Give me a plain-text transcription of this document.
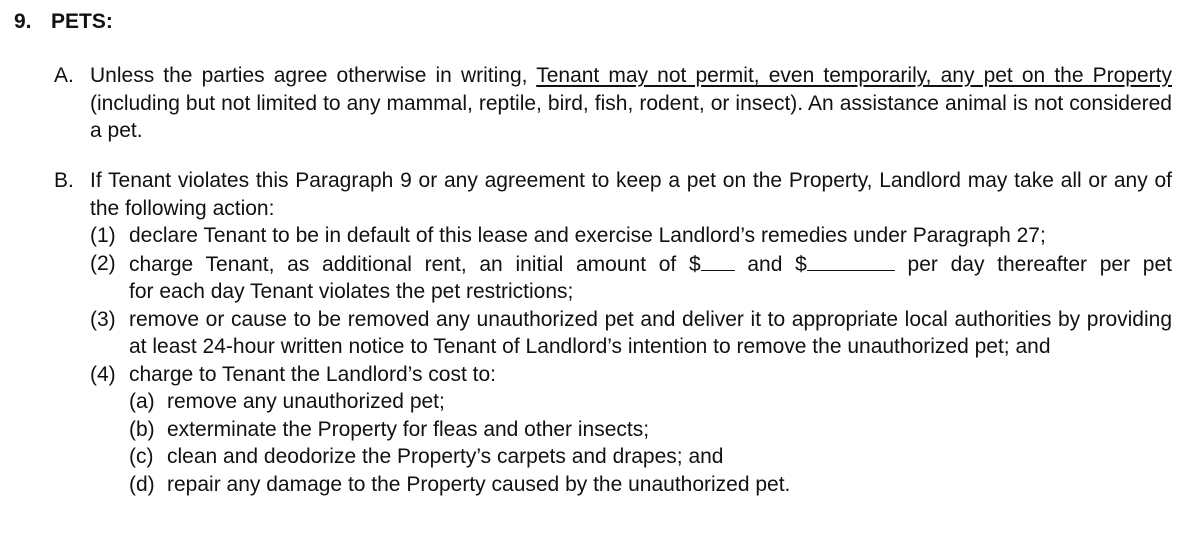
9. PETS:
A. Unless the parties agree otherwise in writing, Tenant may not permit, even temporarily, any pet on the Property (including but not limited to any mammal, reptile, bird, fish, rodent, or insect). An assistance animal is not considered a pet.
B. If Tenant violates this Paragraph 9 or any agreement to keep a pet on the Property, Landlord may take all or any of the following action:
(1) declare Tenant to be in default of this lease and exercise Landlord’s remedies under Paragraph 27;
(2) charge Tenant, as additional rent, an initial amount of $ and $	per day thereafter per pet
for each day Tenant violates the pet restrictions;
(3) remove or cause to be removed any unauthorized pet and deliver it to appropriate local authorities by providing at least 24-hour written notice to Tenant of Landlord’s intention to remove the unauthorized pet; and
(4) charge to Tenant the Landlord’s cost to:
(a) remove any unauthorized pet;
(b) exterminate the Property for fleas and other insects;
(c) clean and deodorize the Property’s carpets and drapes; and
(d) repair any damage to the Property caused by the unauthorized pet.
